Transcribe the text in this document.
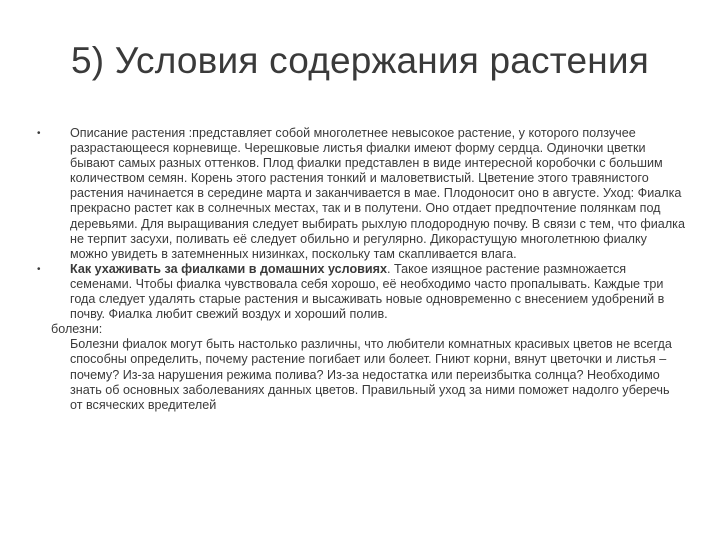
5) Условия содержания растения
• Описание растения :представляет собой многолетнее невысокое растение, у которого ползучее разрастающееся корневище. Черешковые листья фиалки имеют форму сердца. Одиночки цветки бывают самых разных оттенков. Плод фиалки представлен в виде интересной коробочки с большим количеством семян. Корень этого растения тонкий и маловетвистый. Цветение этого травянистого растения начинается в середине марта и заканчивается в мае. Плодоносит оно в августе. Уход: Фиалка прекрасно растет как в солнечных местах, так и в полутени. Оно отдает предпочтение полянкам под деревьями. Для выращивания следует выбирать рыхлую плодородную почву. В связи с тем, что фиалка не терпит засухи, поливать её следует обильно и регулярно. Дикорастущую многолетнюю фиалку можно увидеть в затемненных низинках, поскольку там скапливается влага.

• Как ухаживать за фиалками в домашних условиях. Такое изящное растение размножается семенами. Чтобы фиалка чувствовала себя хорошо, её необходимо часто пропалывать. Каждые три года следует удалять старые растения и высаживать новые одновременно с внесением удобрений в почву. Фиалка любит свежий воздух и хороший полив.

болезни:

Болезни фиалок могут быть настолько различны, что любители комнатных красивых цветов не всегда способны определить, почему растение погибает или болеет. Гниют корни, вянут цветочки и листья – почему? Из-за нарушения режима полива? Из-за недостатка или переизбытка солнца? Необходимо знать об основных заболеваниях данных цветов. Правильный уход за ними поможет надолго уберечь от всяческих вредителей
